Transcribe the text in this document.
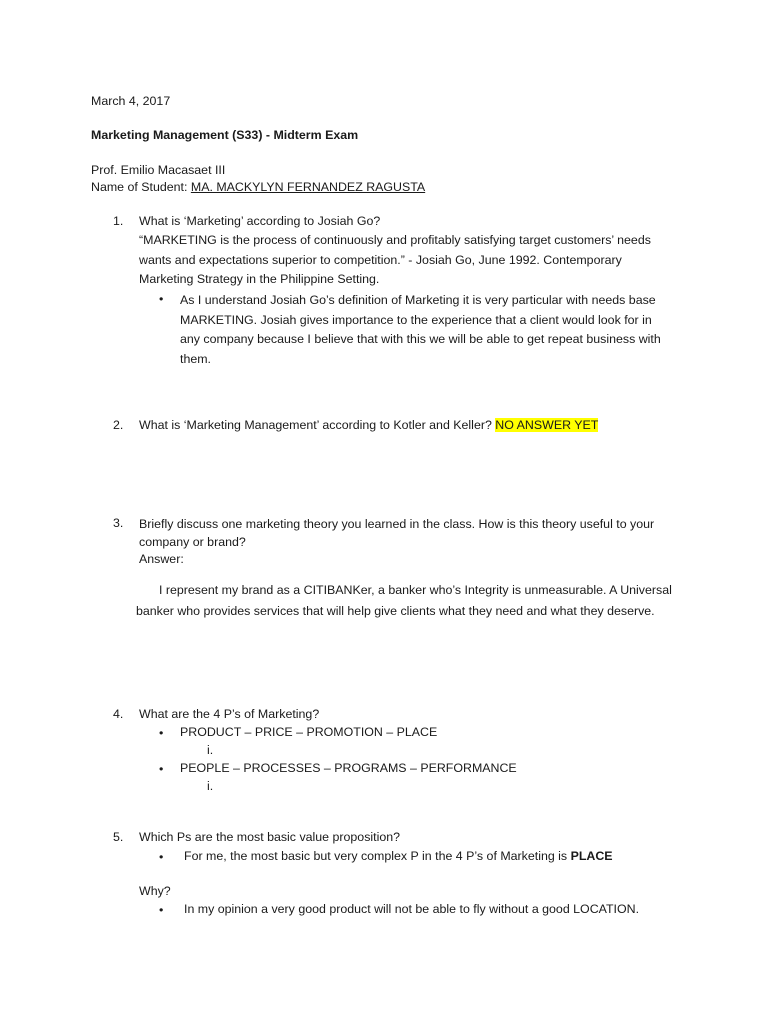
March 4, 2017
Marketing Management (S33) - Midterm Exam
Prof. Emilio Macasaet III
Name of Student: MA. MACKYLYN FERNANDEZ RAGUSTA
1. What is ‘Marketing’ according to Josiah Go?
“MARKETING is the process of continuously and profitably satisfying target customers’ needs
wants and expectations superior to competition.” - Josiah Go, June 1992. Contemporary
Marketing Strategy in the Philippine Setting.
• As I understand Josiah Go’s definition of Marketing it is very particular with needs base
MARKETING. Josiah gives importance to the experience that a client would look for in
any company because I believe that with this we will be able to get repeat business with
them.
2. What is ‘Marketing Management’ according to Kotler and Keller? NO ANSWER YET
3. Briefly discuss one marketing theory you learned in the class. How is this theory useful to your
company or brand?
Answer:
I represent my brand as a CITIBANKer, a banker who’s Integrity is unmeasurable. A Universal
banker who provides services that will help give clients what they need and what they deserve.
4. What are the 4 P’s of Marketing?
• PRODUCT – PRICE – PROMOTION – PLACE
i.
• PEOPLE – PROCESSES – PROGRAMS – PERFORMANCE
i.
5. Which Ps are the most basic value proposition?
• For me, the most basic but very complex P in the 4 P’s of Marketing is PLACE
Why?
• In my opinion a very good product will not be able to fly without a good LOCATION.
